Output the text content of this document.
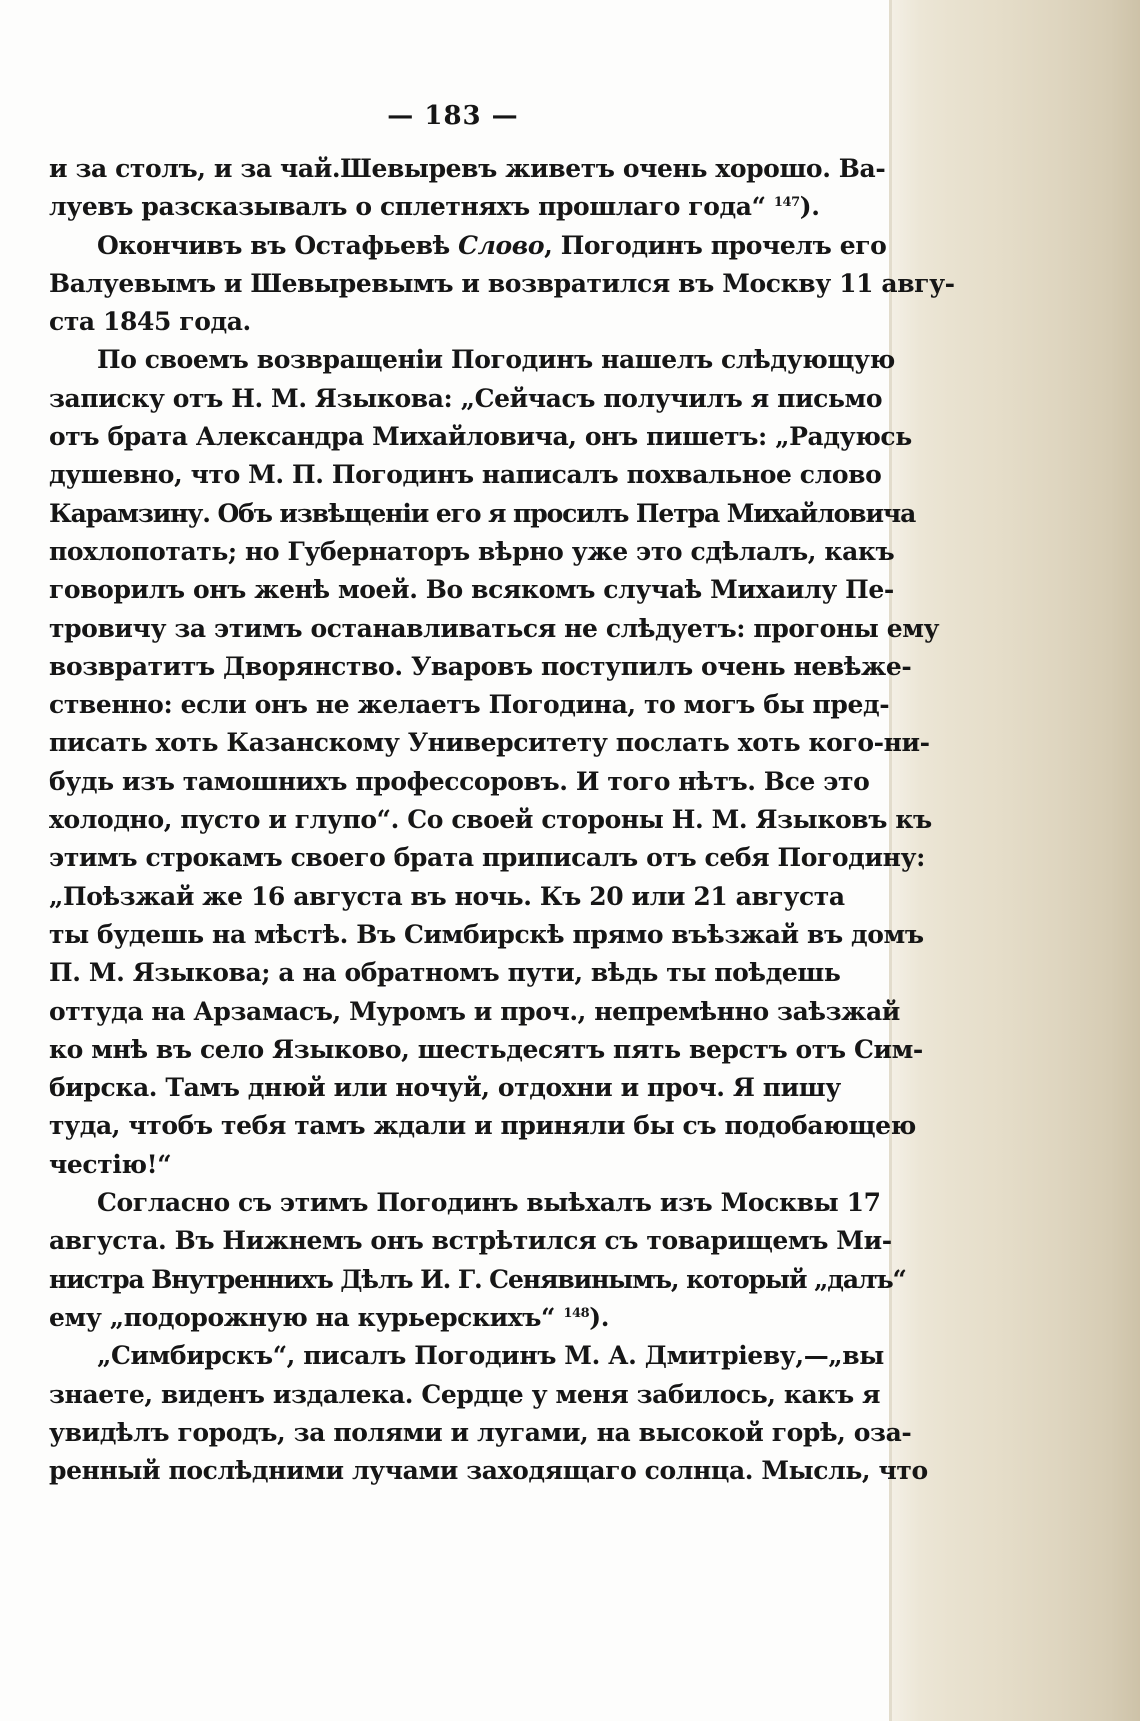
— 183 —
и за столъ, и за чай. Шевыревъ живетъ очень хорошо. Ва-
луевъ разсказывалъ о сплетняхъ прошлаго года“ $^{147}$).
Окончивъ въ Остафьевѣ Слово, Погодинъ прочелъ его
Валуевымъ и Шевыревымъ и возвратился въ Москву 11 авгу-
ста 1845 года.
По своемъ возвращеніи Погодинъ нашелъ слѣдующую
записку отъ Н. М. Языкова: „Сейчасъ получилъ я письмо
отъ брата Александра Михайловича, онъ пишетъ: „Радуюсь
душевно, что М. П. Погодинъ написалъ похвальное слово
Карамзину. Объ извѣщеніи его я просилъ Петра Михайловича
похлопотать; но Губернаторъ вѣрно уже это сдѣлалъ, какъ
говорилъ онъ женѣ моей. Во всякомъ случаѣ Михаилу Пе-
тровичу за этимъ останавливаться не слѣдуетъ: прогоны ему
возвратитъ Дворянство. Уваровъ поступилъ очень невѣже-
ственно: если онъ не желаетъ Погодина, то могъ бы пред-
писать хоть Казанскому Университету послать хоть кого-ни-
будь изъ тамошнихъ профессоровъ. И того нѣтъ. Все это
холодно, пусто и глупо“. Со своей стороны Н. М. Языковъ къ
этимъ строкамъ своего брата приписалъ отъ себя Погодину:
„Поѣзжай же 16 августа въ ночь. Къ 20 или 21 августа
ты будешь на мѣстѣ. Въ Симбирскѣ прямо въѣзжай въ домъ
П. М. Языкова; а на обратномъ пути, вѣдь ты поѣдешь
оттуда на Арзамасъ, Муромъ и проч., непремѣнно заѣзжай
ко мнѣ въ село Языково, шестьдесятъ пять верстъ отъ Сим-
бирска. Тамъ днюй или ночуй, отдохни и проч. Я пишу
туда, чтобъ тебя тамъ ждали и приняли бы съ подобающею
честію!“
Согласно съ этимъ Погодинъ выѣхалъ изъ Москвы 17
августа. Въ Нижнемъ онъ встрѣтился съ товарищемъ Ми-
нистра Внутреннихъ Дѣлъ И. Г. Сенявинымъ, который „далъ“
ему „подорожную на курьерскихъ“ $^{148}$).
„Симбирскъ“, писалъ Погодинъ М. А. Дмитріеву,—„вы
знаете, виденъ издалека. Сердце у меня забилось, какъ я
увидѣлъ городъ, за полями и лугами, на высокой горѣ, оза-
ренный послѣдними лучами заходящаго солнца. Мысль, что
